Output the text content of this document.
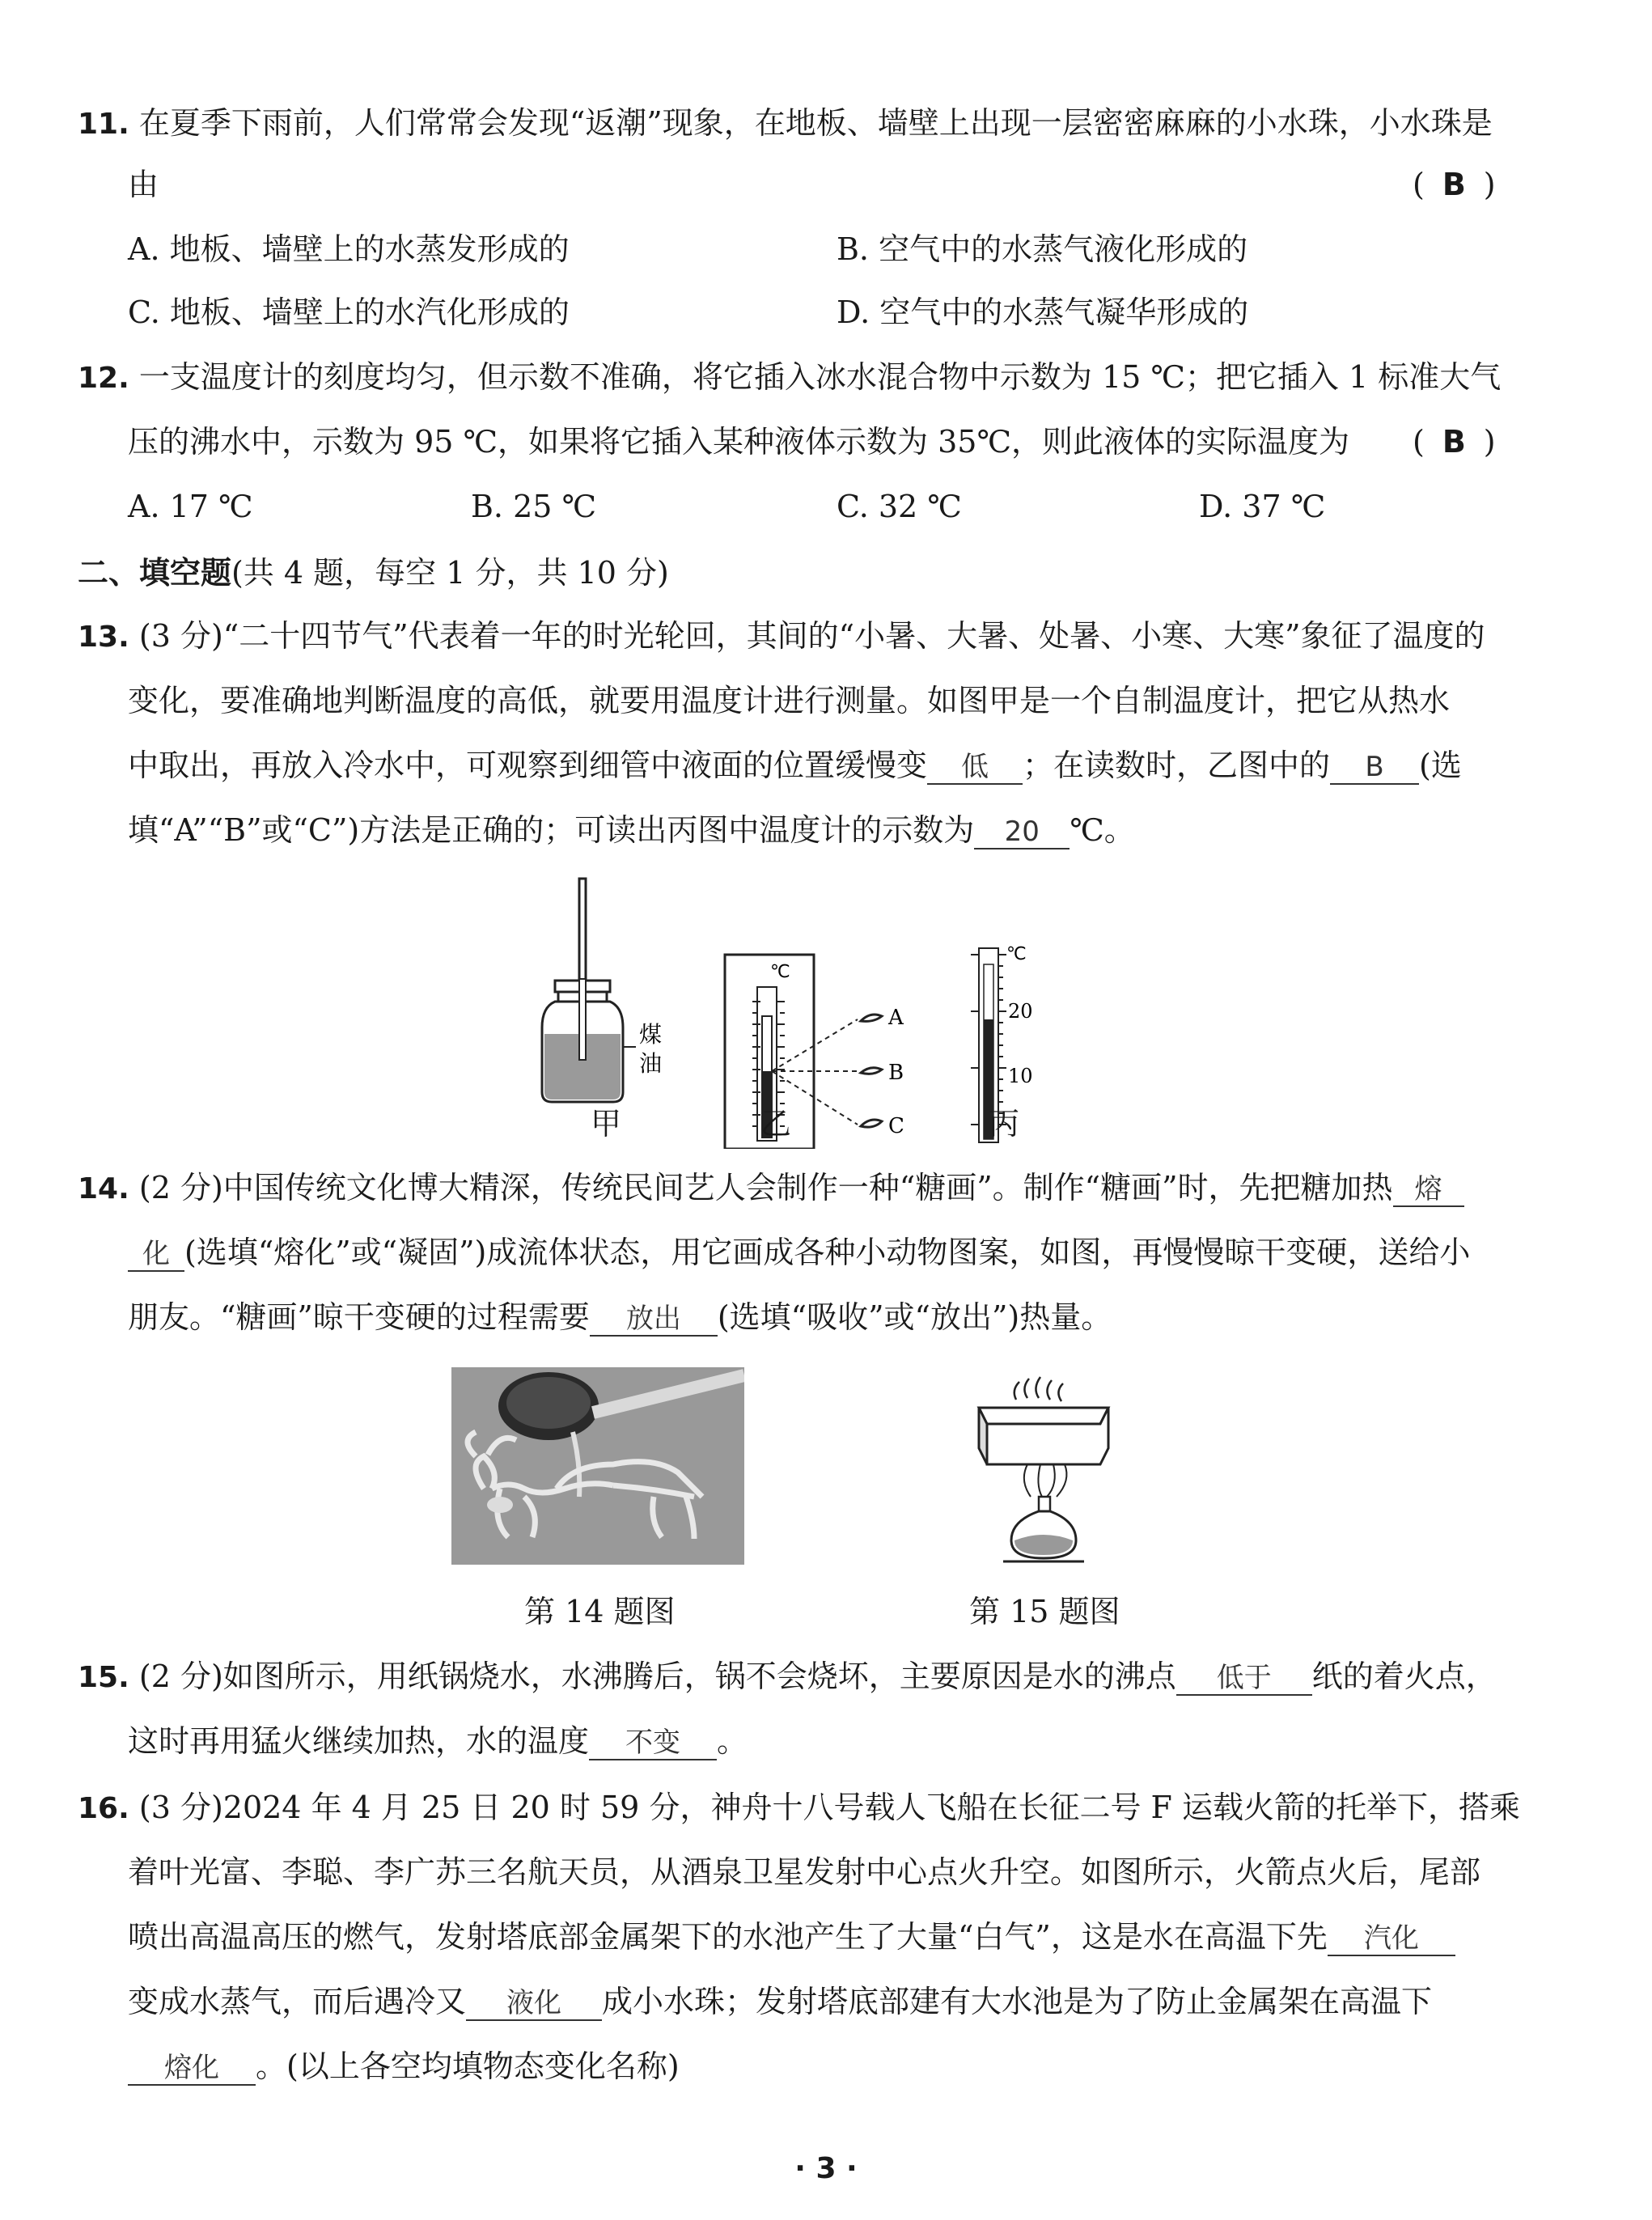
11. 在夏季下雨前，人们常常会发现“返潮”现象，在地板、墙壁上出现一层密密麻麻的小水珠，小水珠是
由	( B )
A. 地板、墙壁上的水蒸发形成的	B. 空气中的水蒸气液化形成的
C. 地板、墙壁上的水汽化形成的	D. 空气中的水蒸气凝华形成的
12. 一支温度计的刻度均匀，但示数不准确，将它插入冰水混合物中示数为 15 ℃；把它插入 1 标准大气
压的沸水中，示数为 95 ℃，如果将它插入某种液体示数为 35℃，则此液体的实际温度为 ( B )
A. 17 ℃	B. 25 ℃	C. 32 ℃	D. 37 ℃
二、填空题(共 4 题，每空 1 分，共 10 分)
13. (3 分)“二十四节气”代表着一年的时光轮回，其间的“小暑、大暑、处暑、小寒、大寒”象征了温度的
变化，要准确地判断温度的高低，就要用温度计进行测量。如图甲是一个自制温度计，把它从热水
中取出，再放入冷水中，可观察到细管中液面的位置缓慢变 低 ；在读数时，乙图中的 B (选
填“A”“B”或“C”)方法是正确的；可读出丙图中温度计的示数为 20 ℃。
煤
油
℃
A
B
C
℃
20
10
甲	乙	丙
14. (2 分)中国传统文化博大精深，传统民间艺人会制作一种“糖画”。制作“糖画”时，先把糖加热 熔
化 (选填“熔化”或“凝固”)成流体状态，用它画成各种小动物图案，如图，再慢慢晾干变硬，送给小
朋友。“糖画”晾干变硬的过程需要 放出 (选填“吸收”或“放出”)热量。
第 14 题图	第 15 题图
15. (2 分)如图所示，用纸锅烧水，水沸腾后，锅不会烧坏，主要原因是水的沸点 低于 纸的着火点，
这时再用猛火继续加热，水的温度 不变 。
16. (3 分)2024 年 4 月 25 日 20 时 59 分，神舟十八号载人飞船在长征二号 F 运载火箭的托举下，搭乘
着叶光富、李聪、李广苏三名航天员，从酒泉卫星发射中心点火升空。如图所示，火箭点火后，尾部
喷出高温高压的燃气，发射塔底部金属架下的水池产生了大量“白气”，这是水在高温下先 汽化
变成水蒸气，而后遇冷又 液化 成小水珠；发射塔底部建有大水池是为了防止金属架在高温下
熔化 。(以上各空均填物态变化名称)
· 3 ·
